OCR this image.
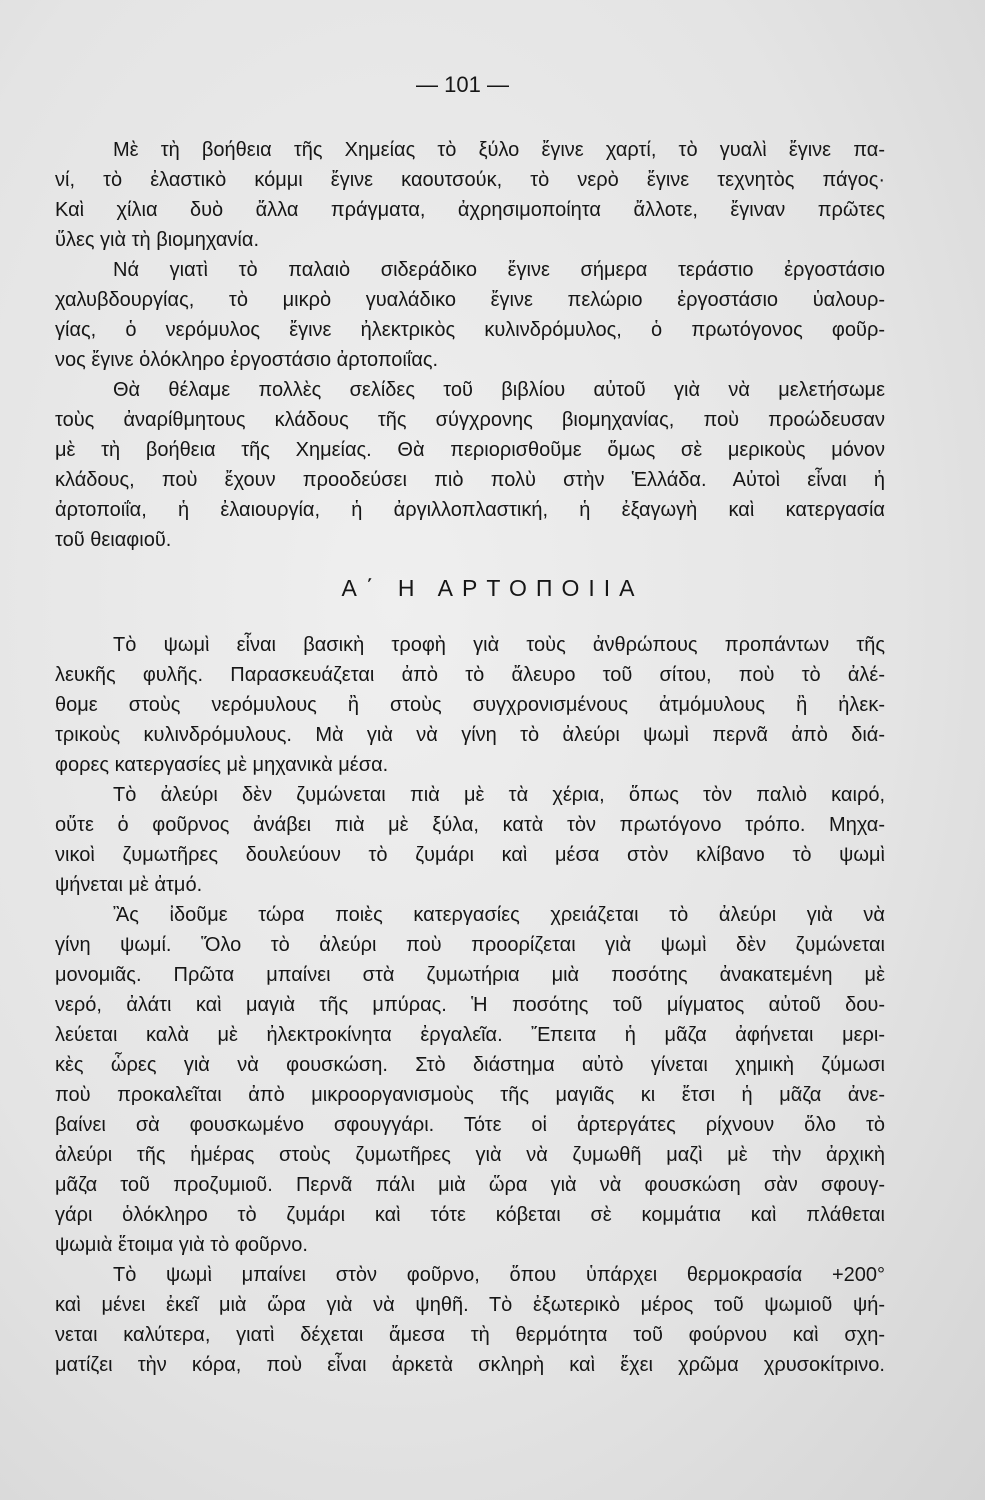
— 101 —
Μὲ τὴ βοήθεια τῆς Χημείας τὸ ξύλο ἔγινε χαρτί, τὸ γυαλὶ ἔγινε πα-
νί, τὸ ἐλαστικὸ κόμμι ἔγινε καουτσούκ, τὸ νερὸ ἔγινε τεχνητὸς πάγος·
Καὶ χίλια δυὸ ἄλλα πράγματα, ἀχρησιμοποίητα ἄλλοτε, ἔγιναν πρῶτες
ὕλες γιὰ τὴ βιομηχανία.
Νά γιατὶ τὸ παλαιὸ σιδεράδικο ἔγινε σήμερα τεράστιο ἐργοστάσιο
χαλυβδουργίας, τὸ μικρὸ γυαλάδικο ἔγινε πελώριο ἐργοστάσιο ὑαλουρ-
γίας, ὁ νερόμυλος ἔγινε ἠλεκτρικὸς κυλινδρόμυλος, ὁ πρωτόγονος φοῦρ-
νος ἔγινε ὁλόκληρο ἐργοστάσιο ἀρτοποιΐας.
Θὰ θέλαμε πολλὲς σελίδες τοῦ βιβλίου αὐτοῦ γιὰ νὰ μελετήσωμε
τοὺς ἀναρίθμητους κλάδους τῆς σύγχρονης βιομηχανίας, ποὺ προώδευσαν
μὲ τὴ βοήθεια τῆς Χημείας. Θὰ περιορισθοῦμε ὅμως σὲ μερικοὺς μόνον
κλάδους, ποὺ ἔχουν προοδεύσει πιὸ πολὺ στὴν Ἑλλάδα. Αὐτοὶ εἶναι ἡ
ἀρτοποιΐα, ἡ ἐλαιουργία, ἡ ἀργιλλοπλαστική, ἡ ἐξαγωγὴ καὶ κατεργασία
τοῦ θειαφιοῦ.
Α΄ Η ΑΡΤΟΠΟΙΙΑ
Τὸ ψωμὶ εἶναι βασικὴ τροφὴ γιὰ τοὺς ἀνθρώπους προπάντων τῆς
λευκῆς φυλῆς. Παρασκευάζεται ἀπὸ τὸ ἄλευρο τοῦ σίτου, ποὺ τὸ ἀλέ-
θομε στοὺς νερόμυλους ἢ στοὺς συγχρονισμένους ἀτμόμυλους ἢ ἠλεκ-
τρικοὺς κυλινδρόμυλους. Μὰ γιὰ νὰ γίνη τὸ ἀλεύρι ψωμὶ περνᾶ ἀπὸ διά-
φορες κατεργασίες μὲ μηχανικὰ μέσα.
Τὸ ἀλεύρι δὲν ζυμώνεται πιὰ μὲ τὰ χέρια, ὅπως τὸν παλιὸ καιρό,
οὔτε ὁ φοῦρνος ἀνάβει πιὰ μὲ ξύλα, κατὰ τὸν πρωτόγονο τρόπο. Μηχα-
νικοὶ ζυμωτῆρες δουλεύουν τὸ ζυμάρι καὶ μέσα στὸν κλίβανο τὸ ψωμὶ
ψήνεται μὲ ἀτμό.
Ἂς ἰδοῦμε τώρα ποιὲς κατεργασίες χρειάζεται τὸ ἀλεύρι γιὰ νὰ
γίνη ψωμί. Ὅλο τὸ ἀλεύρι ποὺ προορίζεται γιὰ ψωμὶ δὲν ζυμώνεται
μονομιᾶς. Πρῶτα μπαίνει στὰ ζυμωτήρια μιὰ ποσότης ἀνακατεμένη μὲ
νερό, ἀλάτι καὶ μαγιὰ τῆς μπύρας. Ἡ ποσότης τοῦ μίγματος αὐτοῦ δου-
λεύεται καλὰ μὲ ἠλεκτροκίνητα ἐργαλεῖα. Ἔπειτα ἡ μᾶζα ἀφήνεται μερι-
κὲς ὧρες γιὰ νὰ φουσκώση. Στὸ διάστημα αὐτὸ γίνεται χημικὴ ζύμωσι
ποὺ προκαλεῖται ἀπὸ μικροοργανισμοὺς τῆς μαγιᾶς κι ἔτσι ἡ μᾶζα ἀνε-
βαίνει σὰ φουσκωμένο σφουγγάρι. Τότε οἱ ἀρτεργάτες ρίχνουν ὅλο τὸ
ἀλεύρι τῆς ἡμέρας στοὺς ζυμωτῆρες γιὰ νὰ ζυμωθῆ μαζὶ μὲ τὴν ἀρχικὴ
μᾶζα τοῦ προζυμιοῦ. Περνᾶ πάλι μιὰ ὥρα γιὰ νὰ φουσκώση σὰν σφουγ-
γάρι ὁλόκληρο τὸ ζυμάρι καὶ τότε κόβεται σὲ κομμάτια καὶ πλάθεται
ψωμιὰ ἕτοιμα γιὰ τὸ φοῦρνο.
Τὸ ψωμὶ μπαίνει στὸν φοῦρνο, ὅπου ὑπάρχει θερμοκρασία +200°
καὶ μένει ἐκεῖ μιὰ ὥρα γιὰ νὰ ψηθῆ. Τὸ ἐξωτερικὸ μέρος τοῦ ψωμιοῦ ψή-
νεται καλύτερα, γιατὶ δέχεται ἄμεσα τὴ θερμότητα τοῦ φούρνου καὶ σχη-
ματίζει τὴν κόρα, ποὺ εἶναι ἀρκετὰ σκληρὴ καὶ ἔχει χρῶμα χρυσοκίτρινο.
